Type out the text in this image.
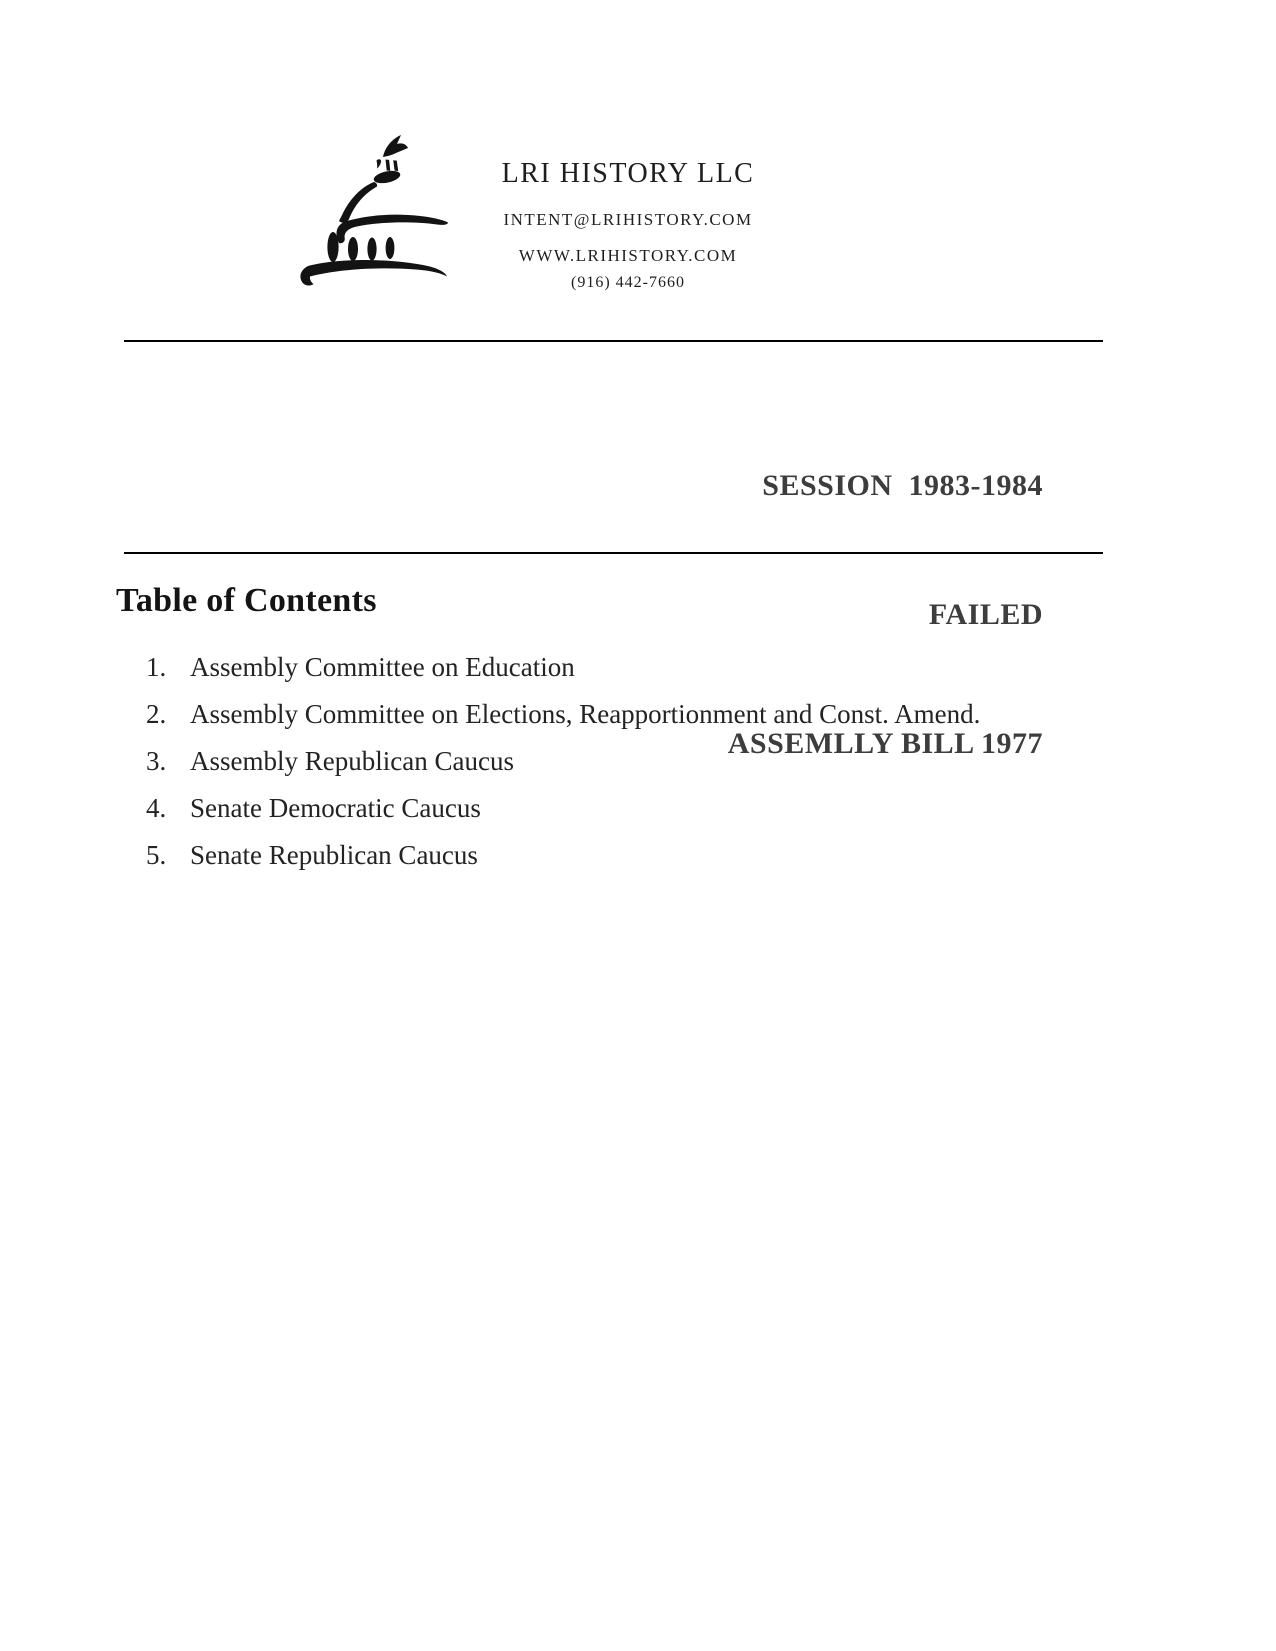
LRI HISTORY LLC
INTENT@LRIHISTORY.COM
WWW.LRIHISTORY.COM
(916) 442-7660

SESSION  1983-1984

FAILED

ASSEMLLY BILL 1977

Table of Contents
1. Assembly Committee on Education
2. Assembly Committee on Elections, Reapportionment and Const. Amend.
3. Assembly Republican Caucus
4. Senate Democratic Caucus
5. Senate Republican Caucus
